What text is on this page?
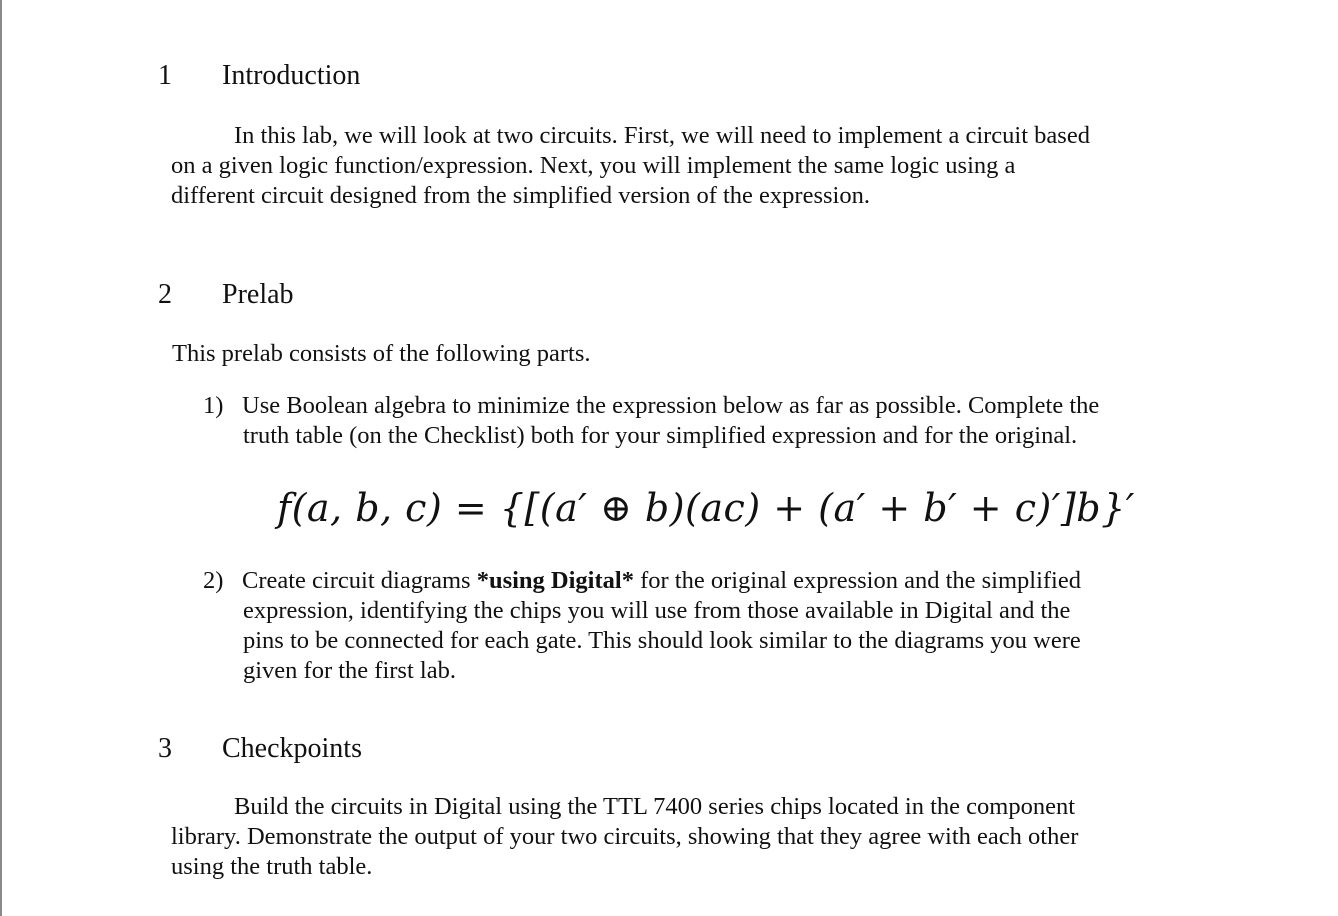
1 Introduction
In this lab, we will look at two circuits. First, we will need to implement a circuit based
on a given logic function/expression. Next, you will implement the same logic using a
different circuit designed from the simplified version of the expression.
2 Prelab
This prelab consists of the following parts.
1) Use Boolean algebra to minimize the expression below as far as possible. Complete the
truth table (on the Checklist) both for your simplified expression and for the original.
f(a, b, c) = {[(a′ ⊕ b)(ac) + (a′ + b′ + c)′]b}′
2) Create circuit diagrams *using Digital* for the original expression and the simplified
expression, identifying the chips you will use from those available in Digital and the
pins to be connected for each gate. This should look similar to the diagrams you were
given for the first lab.
3 Checkpoints
Build the circuits in Digital using the TTL 7400 series chips located in the component
library. Demonstrate the output of your two circuits, showing that they agree with each other
using the truth table.
